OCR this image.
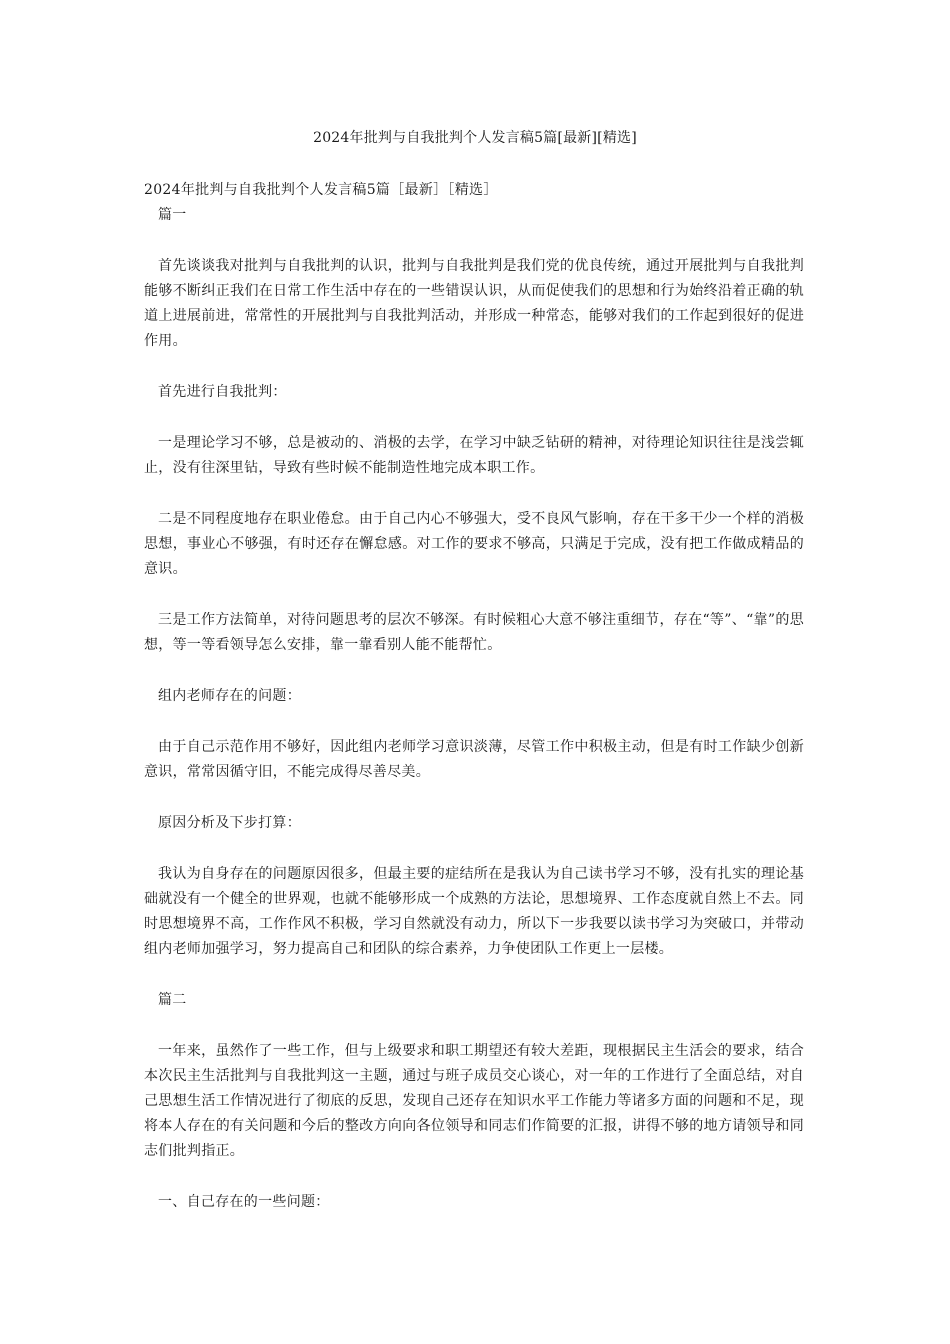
2024年批判与自我批判个人发言稿5篇[最新][精选]

2024年批判与自我批判个人发言稿5篇［最新］［精选］

篇一

首先谈谈我对批判与自我批判的认识，批判与自我批判是我们党的优良传统，通过开展批判与自我批判能够不断纠正我们在日常工作生活中存在的一些错误认识，从而促使我们的思想和行为始终沿着正确的轨道上进展前进，常常性的开展批判与自我批判活动，并形成一种常态，能够对我们的工作起到很好的促进作用。

首先进行自我批判：

一是理论学习不够，总是被动的、消极的去学，在学习中缺乏钻研的精神，对待理论知识往往是浅尝辄止，没有往深里钻，导致有些时候不能制造性地完成本职工作。

二是不同程度地存在职业倦怠。由于自己内心不够强大，受不良风气影响，存在干多干少一个样的消极思想，事业心不够强，有时还存在懈怠感。对工作的要求不够高，只满足于完成，没有把工作做成精品的意识。

三是工作方法简单，对待问题思考的层次不够深。有时候粗心大意不够注重细节，存在“等”、“靠”的思想，等一等看领导怎么安排，靠一靠看别人能不能帮忙。

组内老师存在的问题：

由于自己示范作用不够好，因此组内老师学习意识淡薄，尽管工作中积极主动，但是有时工作缺少创新意识，常常因循守旧，不能完成得尽善尽美。

原因分析及下步打算：

我认为自身存在的问题原因很多，但最主要的症结所在是我认为自己读书学习不够，没有扎实的理论基础就没有一个健全的世界观，也就不能够形成一个成熟的方法论，思想境界、工作态度就自然上不去。同时思想境界不高，工作作风不积极，学习自然就没有动力，所以下一步我要以读书学习为突破口，并带动组内老师加强学习，努力提高自己和团队的综合素养，力争使团队工作更上一层楼。

篇二

一年来，虽然作了一些工作，但与上级要求和职工期望还有较大差距，现根据民主生活会的要求，结合本次民主生活批判与自我批判这一主题，通过与班子成员交心谈心，对一年的工作进行了全面总结，对自己思想生活工作情况进行了彻底的反思，发现自己还存在知识水平工作能力等诸多方面的问题和不足，现将本人存在的有关问题和今后的整改方向向各位领导和同志们作简要的汇报，讲得不够的地方请领导和同志们批判指正。

一、自己存在的一些问题：
